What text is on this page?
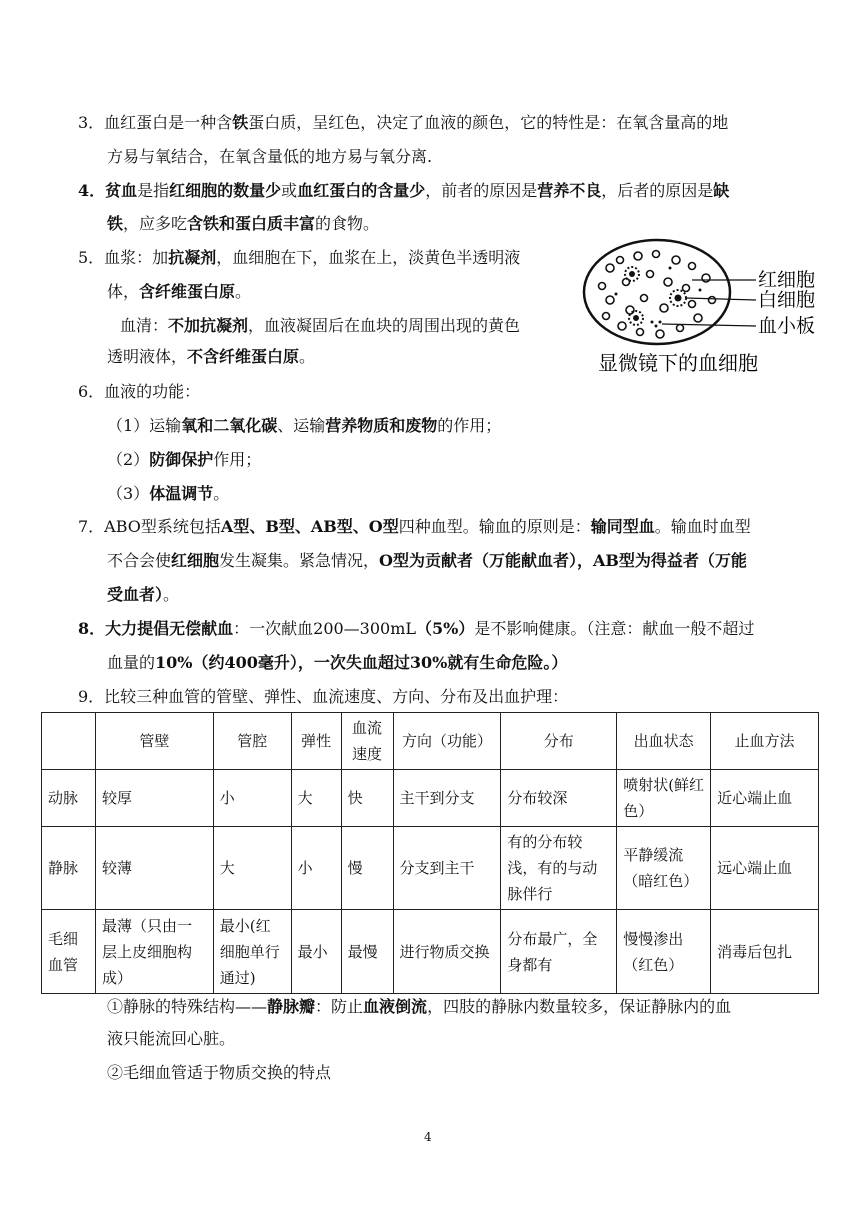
3．血红蛋白是一种含铁蛋白质，呈红色，决定了血液的颜色，它的特性是：在氧含量高的地
方易与氧结合，在氧含量低的地方易与氧分离.
4．贫血是指红细胞的数量少或血红蛋白的含量少，前者的原因是营养不良，后者的原因是缺
铁，应多吃含铁和蛋白质丰富的食物。
5．血浆：加抗凝剂，血细胞在下，血浆在上，淡黄色半透明液
体，含纤维蛋白原。
血清：不加抗凝剂，血液凝固后在血块的周围出现的黄色
透明液体，不含纤维蛋白原。
红细胞
白细胞
血小板
显微镜下的血细胞
6．血液的功能：
（1）运输氧和二氧化碳、运输营养物质和废物的作用；
（2）防御保护作用；
（3）体温调节。
7．ABO型系统包括A型、B型、AB型、O型四种血型。输血的原则是：输同型血。输血时血型
不合会使红细胞发生凝集。紧急情况，O型为贡献者（万能献血者），AB型为得益者（万能
受血者）。
8．大力提倡无偿献血：一次献血200—300mL（5%）是不影响健康。（注意：献血一般不超过
血量的10%（约400毫升），一次失血超过30%就有生命危险。）
9．比较三种血管的管壁、弹性、血流速度、方向、分布及出血护理：
	管壁	管腔	弹性	血流速度	方向（功能）	分布	出血状态	止血方法
动脉	较厚	小	大	快	主干到分支	分布较深	喷射状(鲜红色）	近心端止血
静脉	较薄	大	小	慢	分支到主干	有的分布较浅，有的与动脉伴行	平静缓流（暗红色）	远心端止血
毛细血管	最薄（只由一层上皮细胞构成）	最小(红细胞单行通过)	最小	最慢	进行物质交换	分布最广，全身都有	慢慢渗出（红色）	消毒后包扎
①静脉的特殊结构——静脉瓣：防止血液倒流，四肢的静脉内数量较多，保证静脉内的血
液只能流回心脏。
②毛细血管适于物质交换的特点
4
